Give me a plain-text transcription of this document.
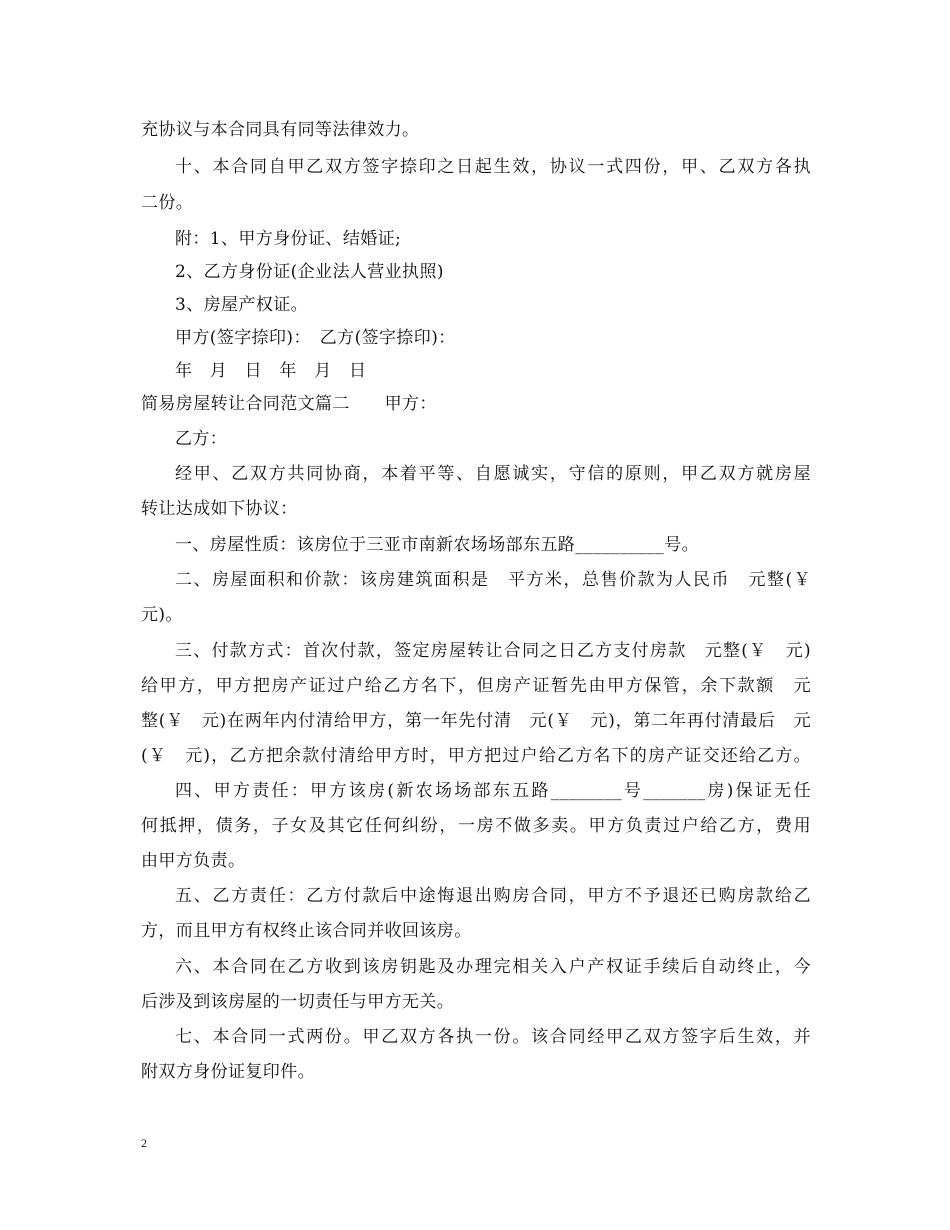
充协议与本合同具有同等法律效力。
十、本合同自甲乙双方签字捺印之日起生效，协议一式四份，甲、乙双方各执
二份。
附：1、甲方身份证、结婚证;
2、乙方身份证(企业法人营业执照)
3、房屋产权证。
甲方(签字捺印)：　乙方(签字捺印)：
年　月　日　年　月　日
简易房屋转让合同范文篇二　　甲方：
乙方：
经甲、乙双方共同协商，本着平等、自愿诚实，守信的原则，甲乙双方就房屋
转让达成如下协议：
一、房屋性质：该房位于三亚市南新农场场部东五路__________号。
二、房屋面积和价款：该房建筑面积是　平方米，总售价款为人民币　元整(￥
元)。
三、付款方式：首次付款，签定房屋转让合同之日乙方支付房款　元整(￥　元)
给甲方，甲方把房产证过户给乙方名下，但房产证暂先由甲方保管，余下款额　元
整(￥　元)在两年内付清给甲方，第一年先付清　元(￥　元)，第二年再付清最后　元
(￥　元)，乙方把余款付清给甲方时，甲方把过户给乙方名下的房产证交还给乙方。
四、甲方责任：甲方该房(新农场场部东五路________号_______房)保证无任
何抵押，债务，子女及其它任何纠纷，一房不做多卖。甲方负责过户给乙方，费用
由甲方负责。
五、乙方责任：乙方付款后中途悔退出购房合同，甲方不予退还已购房款给乙
方，而且甲方有权终止该合同并收回该房。
六、本合同在乙方收到该房钥匙及办理完相关入户产权证手续后自动终止，今
后涉及到该房屋的一切责任与甲方无关。
七、本合同一式两份。甲乙双方各执一份。该合同经甲乙双方签字后生效，并
附双方身份证复印件。
2
